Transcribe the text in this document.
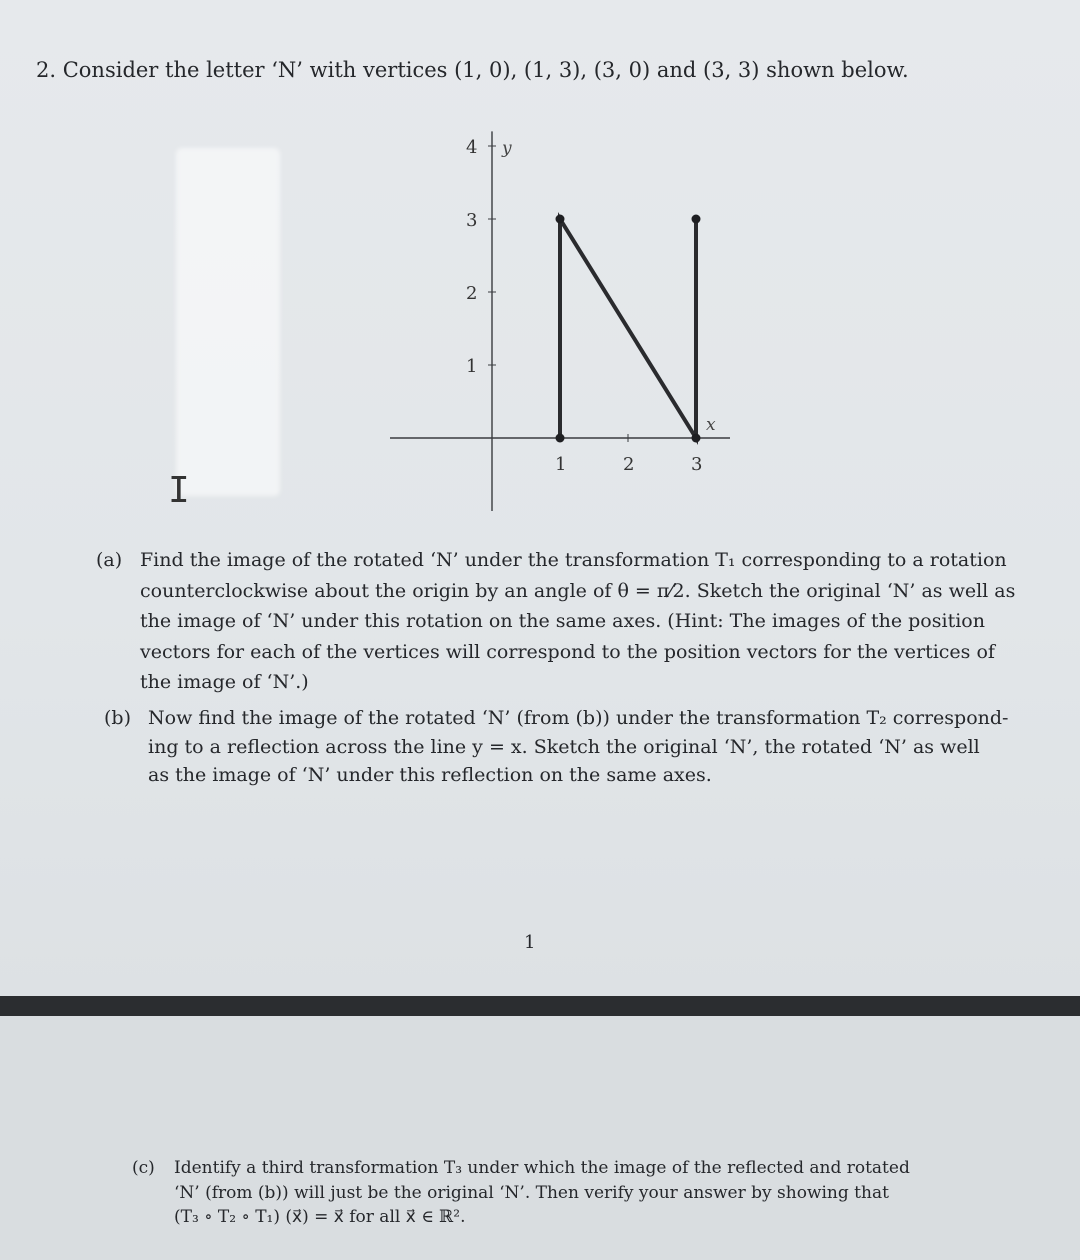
2. Consider the letter ‘N’ with vertices (1, 0), (1, 3), (3, 0) and (3, 3) shown below.
x
y
1	2	3
1
2
3
4
I
(a) Find the image of the rotated ‘N’ under the transformation T₁ corresponding to a rotation
counterclockwise about the origin by an angle of θ = π⁄2. Sketch the original ‘N’ as well as
the image of ‘N’ under this rotation on the same axes. (Hint: The images of the position
vectors for each of the vertices will correspond to the position vectors for the vertices of
the image of ‘N’.)
(b) Now find the image of the rotated ‘N’ (from (b)) under the transformation T₂ correspond-
ing to a reflection across the line y = x. Sketch the original ‘N’, the rotated ‘N’ as well
as the image of ‘N’ under this reflection on the same axes.
1
(c) Identify a third transformation T₃ under which the image of the reflected and rotated
‘N’ (from (b)) will just be the original ‘N’. Then verify your answer by showing that
(T₃ ∘ T₂ ∘ T₁) (x⃗) = x⃗ for all x⃗ ∈ ℝ².
